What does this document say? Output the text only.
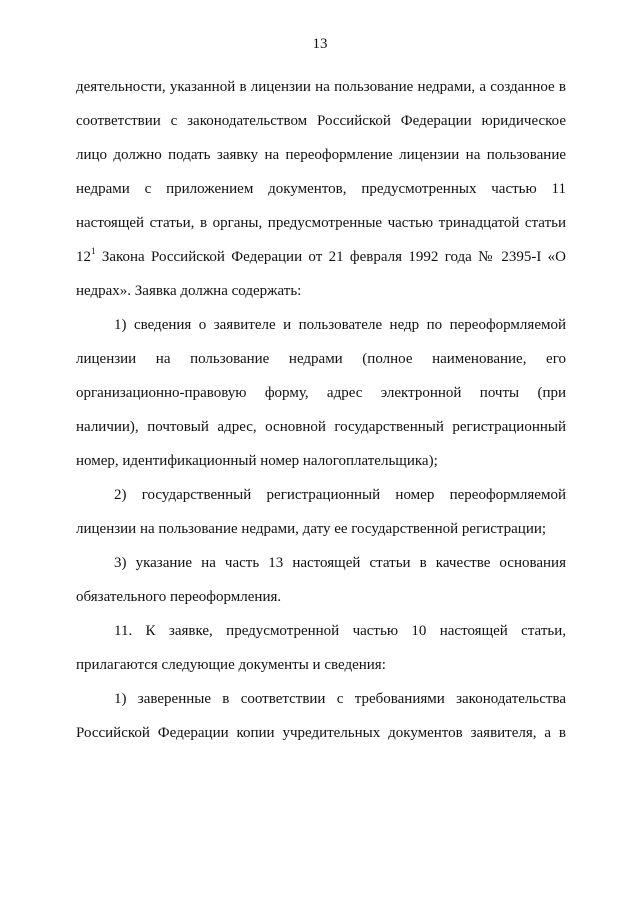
13
деятельности, указанной в лицензии на пользование недрами, а созданное в
соответствии с законодательством Российской Федерации юридическое
лицо должно подать заявку на переоформление лицензии на пользование
недрами с приложением документов, предусмотренных частью 11
настоящей статьи, в органы, предусмотренные частью тринадцатой статьи
$12^1$ Закона Российской Федерации от 21 февраля 1992 года № 2395-I «О
недрах». Заявка должна содержать:
1) сведения о заявителе и пользователе недр по переоформляемой
лицензии на пользование недрами (полное наименование, его
организационно-правовую форму, адрес электронной почты (при
наличии), почтовый адрес, основной государственный регистрационный
номер, идентификационный номер налогоплательщика);
2) государственный регистрационный номер переоформляемой
лицензии на пользование недрами, дату ее государственной регистрации;
3) указание на часть 13 настоящей статьи в качестве основания
обязательного переоформления.
11. К заявке, предусмотренной частью 10 настоящей статьи,
прилагаются следующие документы и сведения:
1) заверенные в соответствии с требованиями законодательства
Российской Федерации копии учредительных документов заявителя, а в
